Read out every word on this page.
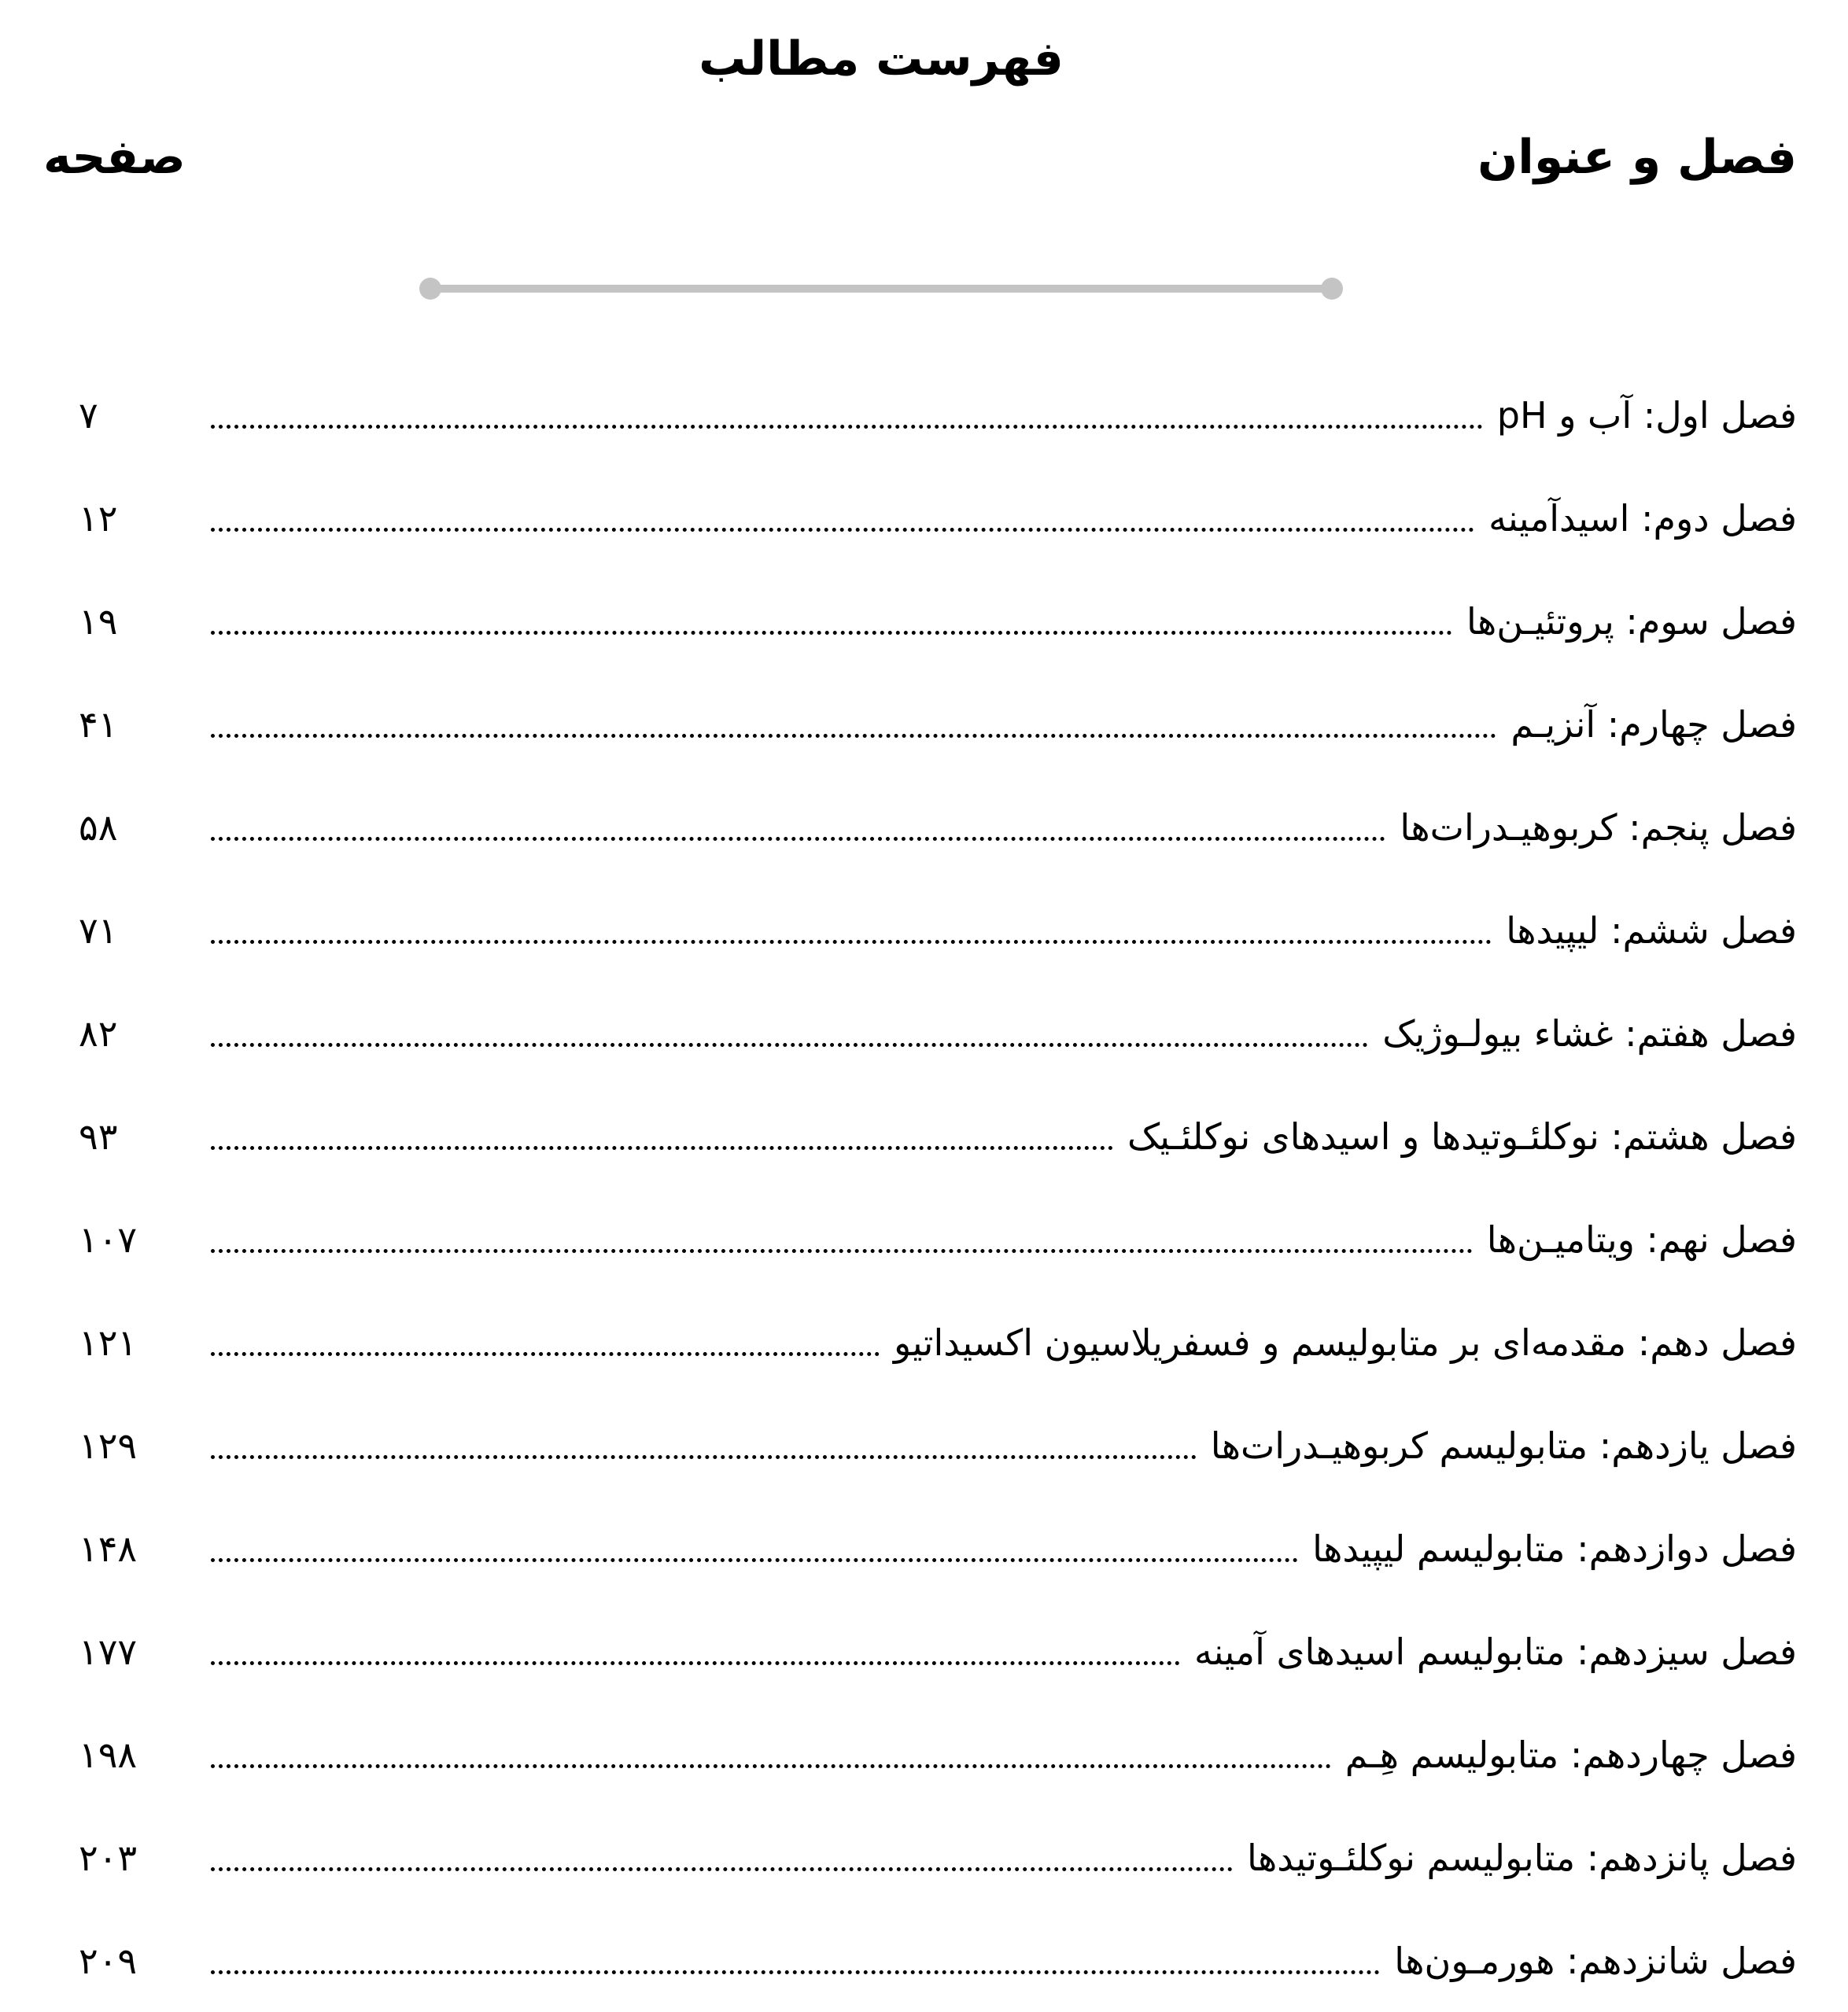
فهرست مطالب
فصل و عنوان
صفحه
فصل اول: آب و pH
۷
فصل دوم: اسیدآمینه
۱۲
فصل سوم: پروتئیـن‌ها
۱۹
فصل چهارم: آنزیـم
۴۱
فصل پنجم: کربوهیـدرات‌ها
۵۸
فصل ششم: لیپیدها
۷۱
فصل هفتم: غشاء بیولـوژیک
۸۲
فصل هشتم: نوکلئـوتیدها و اسیدهای نوکلئـیک
۹۳
فصل نهم: ویتامیـن‌ها
۱۰۷
فصل دهم: مقدمه‌ای بر متابولیسم و فسفریلاسیون اکسیداتیو
۱۲۱
فصل یازدهم: متابولیسم کربوهیـدرات‌ها
۱۲۹
فصل دوازدهم: متابولیسم لیپیدها
۱۴۸
فصل سیزدهم: متابولیسم اسیدهای آمینه
۱۷۷
فصل چهاردهم: متابولیسم هِـم
۱۹۸
فصل پانزدهم: متابولیسم نوکلئـوتیدها
۲۰۳
فصل شانزدهم: هورمـون‌ها
۲۰۹
